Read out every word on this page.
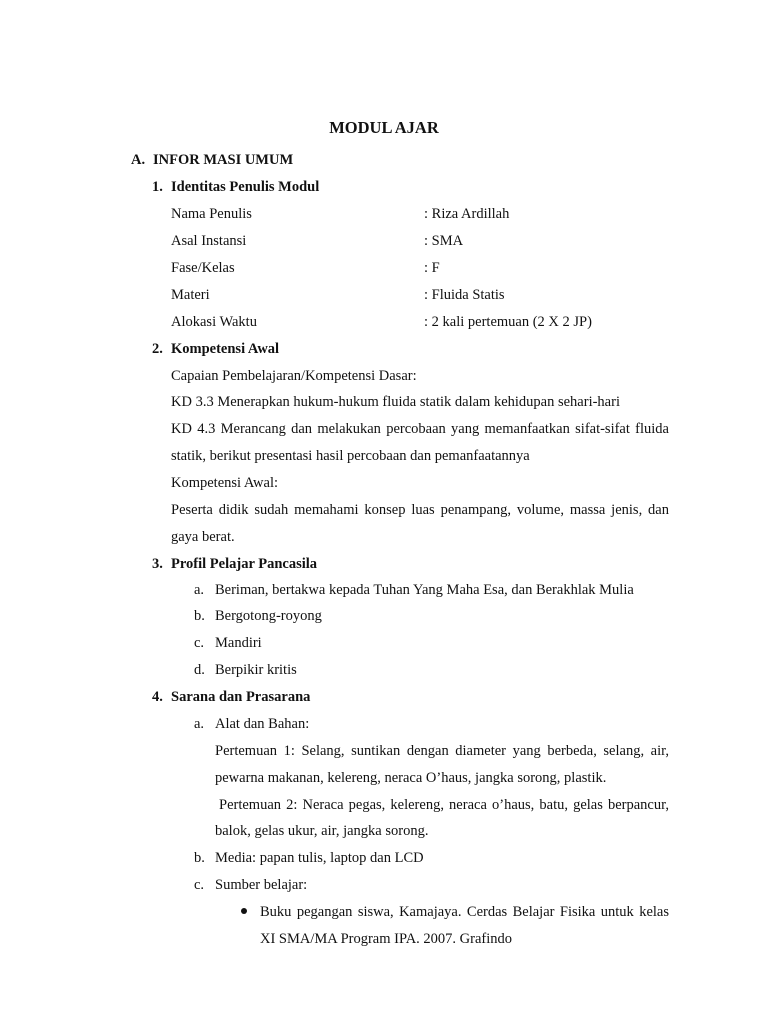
MODUL AJAR
A. INFOR MASI UMUM
1. Identitas Penulis Modul
Nama Penulis	: Riza Ardillah
Asal Instansi	: SMA
Fase/Kelas	: F
Materi	: Fluida Statis
Alokasi Waktu	: 2 kali pertemuan (2 X 2 JP)
2. Kompetensi Awal
Capaian Pembelajaran/Kompetensi Dasar:
KD 3.3 Menerapkan hukum-hukum fluida statik dalam kehidupan sehari-hari
KD 4.3 Merancang dan melakukan percobaan yang memanfaatkan sifat-sifat fluida
statik, berikut presentasi hasil percobaan dan pemanfaatannya
Kompetensi Awal:
Peserta didik sudah memahami konsep luas penampang, volume, massa jenis, dan
gaya berat.
3. Profil Pelajar Pancasila
a. Beriman, bertakwa kepada Tuhan Yang Maha Esa, dan Berakhlak Mulia
b. Bergotong-royong
c. Mandiri
d. Berpikir kritis
4. Sarana dan Prasarana
a. Alat dan Bahan:
Pertemuan 1: Selang, suntikan dengan diameter yang berbeda, selang, air,
pewarna makanan, kelereng, neraca O’haus, jangka sorong, plastik.
Pertemuan 2: Neraca pegas, kelereng, neraca o’haus, batu, gelas berpancur,
balok, gelas ukur, air, jangka sorong.
b. Media: papan tulis, laptop dan LCD
c. Sumber belajar:
Buku pegangan siswa, Kamajaya. Cerdas Belajar Fisika untuk kelas
XI SMA/MA Program IPA. 2007. Grafindo
